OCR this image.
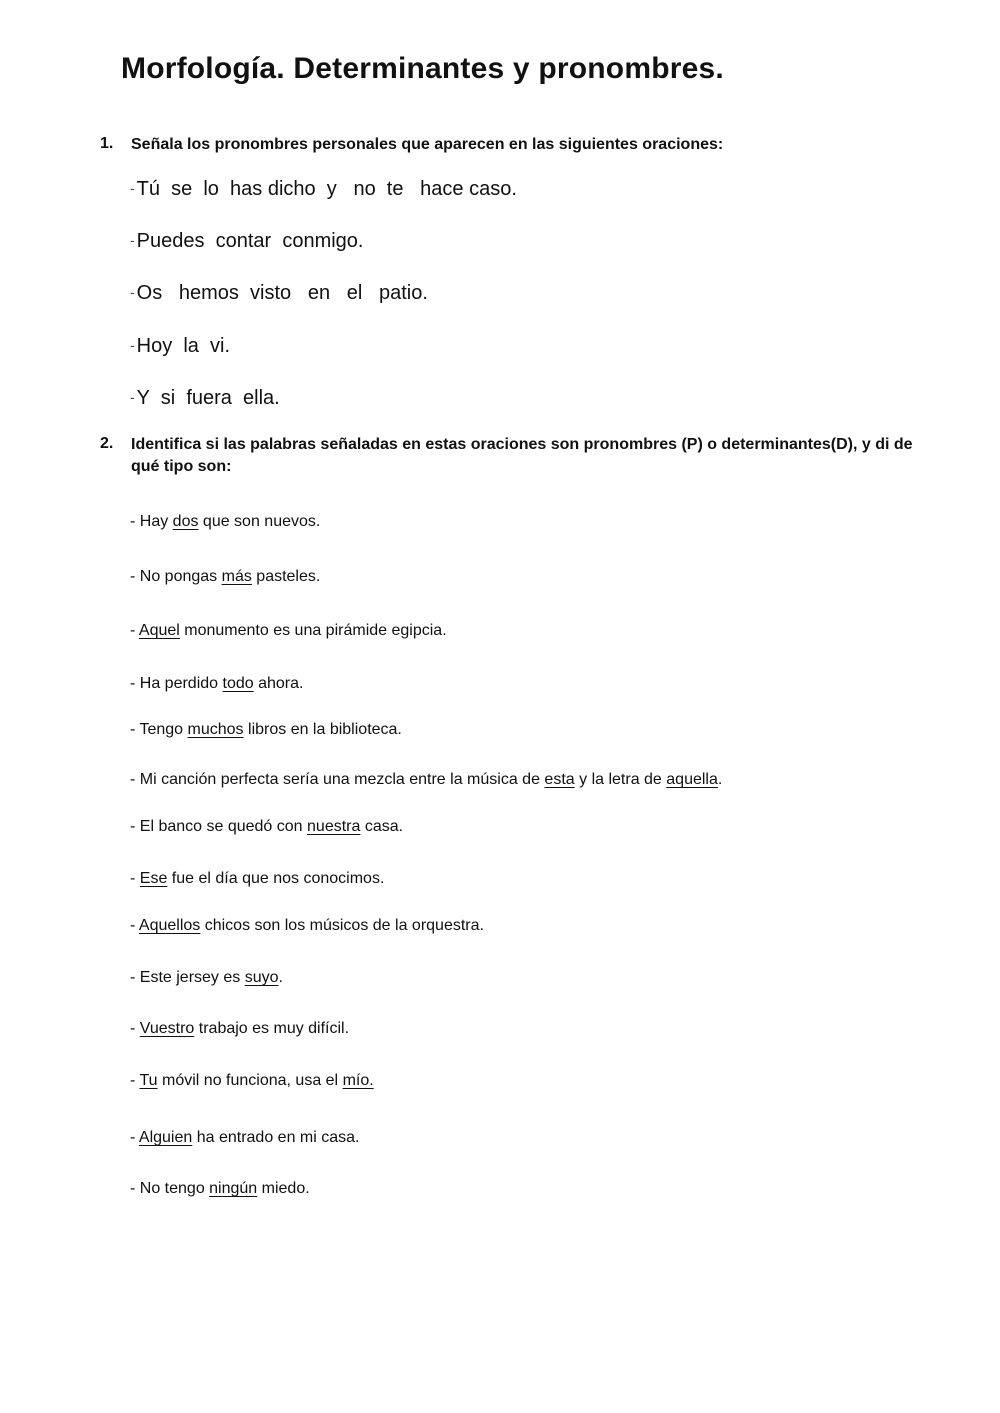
Morfología. Determinantes y pronombres.
1. Señala los pronombres personales que aparecen en las siguientes oraciones:
- Tú  se  lo  has dicho  y   no  te   hace caso.
- Puedes  contar  conmigo.
- Os   hemos  visto   en   el   patio.
- Hoy  la  vi.
- Y  si  fuera  ella.
2. Identifica si las palabras señaladas en estas oraciones son pronombres (P) o determinantes(D), y di de qué tipo son:
- Hay dos que son nuevos.
- No pongas más pasteles.
- Aquel monumento es una pirámide egipcia.
- Ha perdido todo ahora.
- Tengo muchos libros en la biblioteca.
- Mi canción perfecta sería una mezcla entre la música de esta y la letra de aquella.
- El banco se quedó con nuestra casa.
- Ese fue el día que nos conocimos.
- Aquellos chicos son los músicos de la orquestra.
- Este jersey es suyo.
- Vuestro trabajo es muy difícil.
- Tu móvil no funciona, usa el mío.
- Alguien ha entrado en mi casa.
- No tengo ningún miedo.
